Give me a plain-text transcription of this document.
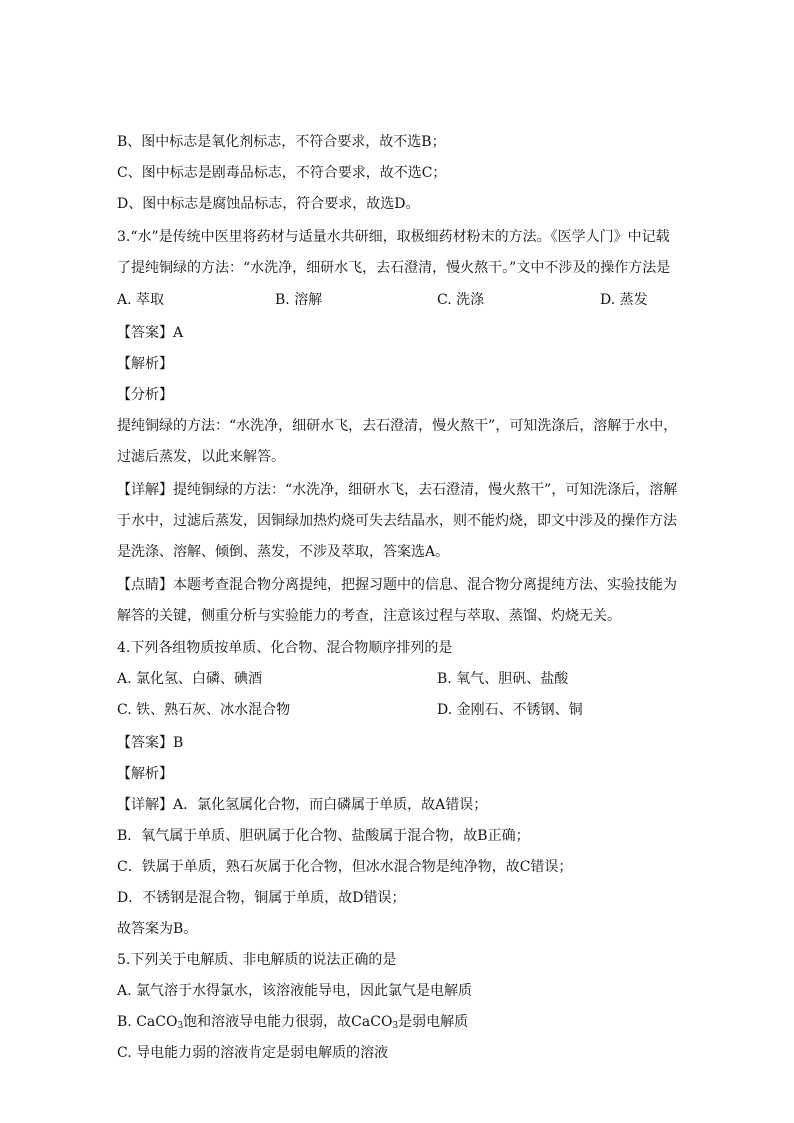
B、图中标志是氧化剂标志，不符合要求，故不选B；
C、图中标志是剧毒品标志，不符合要求，故不选C；
D、图中标志是腐蚀品标志，符合要求，故选D。
3.“水”是传统中医里将药材与适量水共研细，取极细药材粉末的方法。《医学人门》中记载
了提纯铜绿的方法：“水洗净，细研水飞，去石澄清，慢火熬干。”文中不涉及的操作方法是
A. 萃取	B. 溶解	C. 洗涤	D. 蒸发
【答案】A
【解析】
【分析】
提纯铜绿的方法：“水洗净，细研水飞，去石澄清，慢火熬干”，可知洗涤后，溶解于水中，
过滤后蒸发，以此来解答。
【详解】提纯铜绿的方法：“水洗净，细研水飞，去石澄清，慢火熬干”，可知洗涤后，溶解
于水中，过滤后蒸发，因铜绿加热灼烧可失去结晶水，则不能灼烧，即文中涉及的操作方法
是洗涤、溶解、倾倒、蒸发，不涉及萃取，答案选A。
【点睛】本题考查混合物分离提纯，把握习题中的信息、混合物分离提纯方法、实验技能为
解答的关键，侧重分析与实验能力的考查，注意该过程与萃取、蒸馏、灼烧无关。
4.下列各组物质按单质、化合物、混合物顺序排列的是
A. 氯化氢、白磷、碘酒	B. 氧气、胆矾、盐酸
C. 铁、熟石灰、冰水混合物	D. 金刚石、不锈钢、铜
【答案】B
【解析】
【详解】A．氯化氢属化合物，而白磷属于单质，故A错误；
B．氧气属于单质、胆矾属于化合物、盐酸属于混合物，故B正确；
C．铁属于单质，熟石灰属于化合物，但冰水混合物是纯净物，故C错误；
D．不锈钢是混合物，铜属于单质，故D错误；
故答案为B。
5.下列关于电解质、非电解质的说法正确的是
A. 氯气溶于水得氯水，该溶液能导电，因此氯气是电解质
B. CaCO$_3$饱和溶液导电能力很弱，故CaCO$_3$是弱电解质
C. 导电能力弱的溶液肯定是弱电解质的溶液
